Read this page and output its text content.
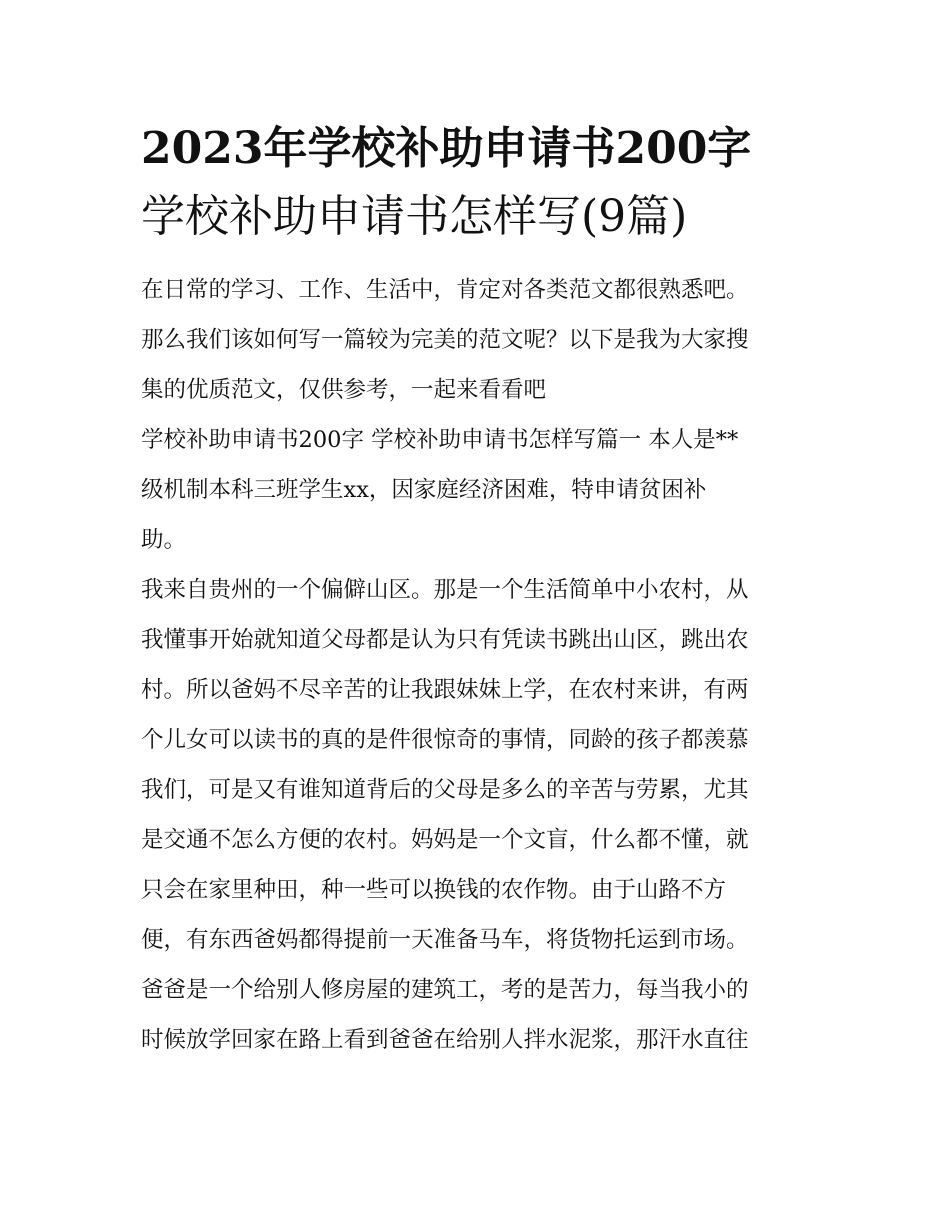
2023年学校补助申请书200字
学校补助申请书怎样写(9篇)

在日常的学习、工作、生活中，肯定对各类范文都很熟悉吧。
那么我们该如何写一篇较为完美的范文呢？以下是我为大家搜
集的优质范文，仅供参考，一起来看看吧

学校补助申请书200字 学校补助申请书怎样写篇一 本人是**
级机制本科三班学生xx，因家庭经济困难，特申请贫困补
助。

我来自贵州的一个偏僻山区。那是一个生活简单中小农村，从
我懂事开始就知道父母都是认为只有凭读书跳出山区，跳出农
村。所以爸妈不尽辛苦的让我跟妹妹上学，在农村来讲，有两
个儿女可以读书的真的是件很惊奇的事情，同龄的孩子都羡慕
我们，可是又有谁知道背后的父母是多么的辛苦与劳累，尤其
是交通不怎么方便的农村。妈妈是一个文盲，什么都不懂，就
只会在家里种田，种一些可以换钱的农作物。由于山路不方
便，有东西爸妈都得提前一天准备马车，将货物托运到市场。
爸爸是一个给别人修房屋的建筑工，考的是苦力，每当我小的
时候放学回家在路上看到爸爸在给别人拌水泥浆，那汗水直往
